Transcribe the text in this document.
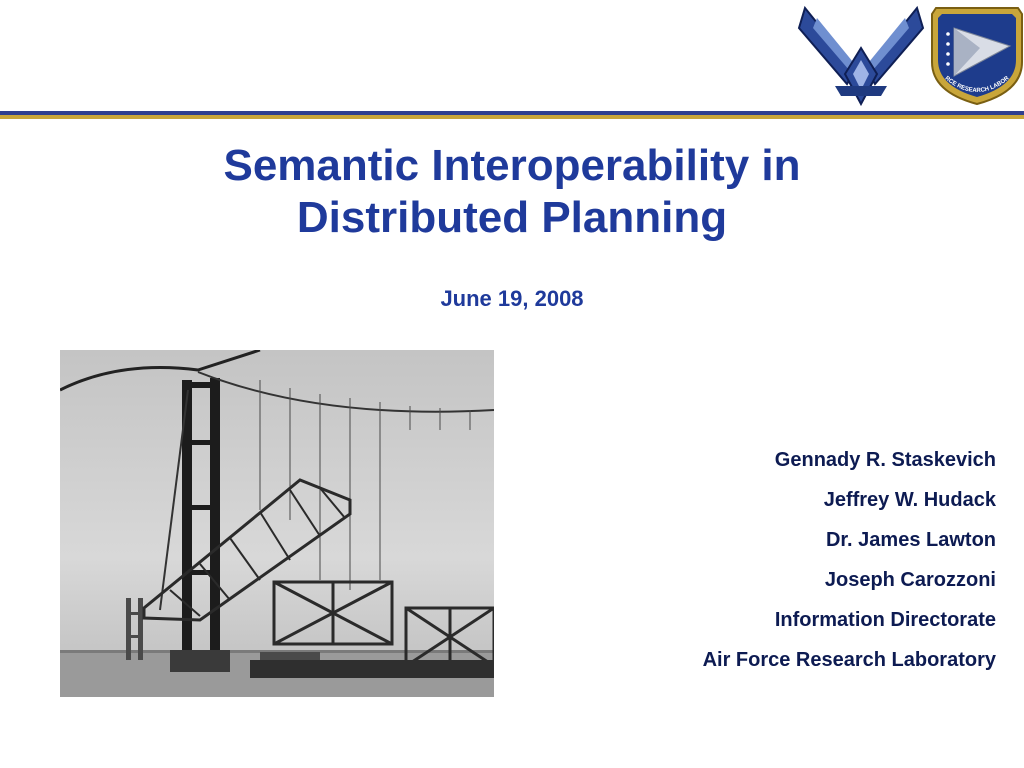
AIR FORCE RESEARCH LABORATORY
Semantic Interoperability in
Distributed Planning
June 19, 2008
Gennady R. Staskevich
Jeffrey W. Hudack
Dr. James Lawton
Joseph Carozzoni
Information Directorate
Air Force Research Laboratory
